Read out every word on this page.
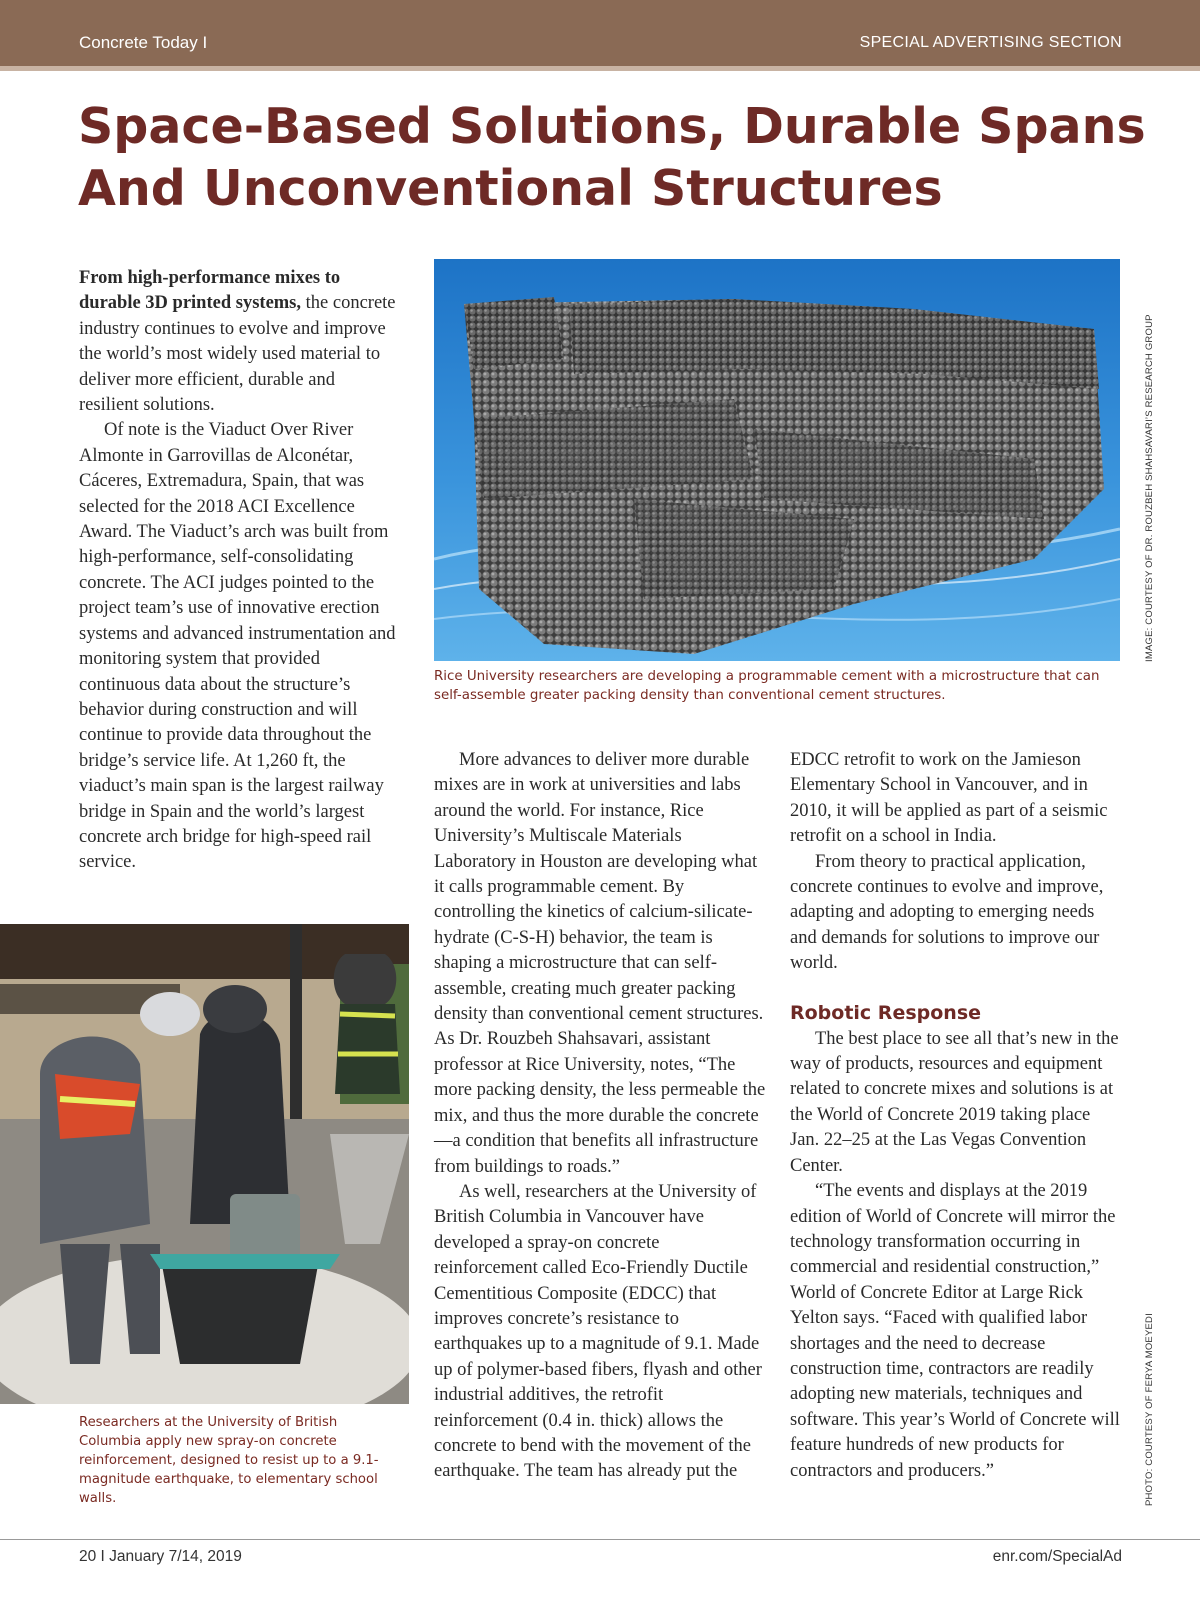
Concrete Today I	SPECIAL ADVERTISING SECTION
Space-Based Solutions, Durable Spans
And Unconventional Structures

From high-performance mixes to durable 3D printed systems, the concrete industry continues to evolve and improve the world’s most widely used material to deliver more efficient, durable and resilient solutions.

Of note is the Viaduct Over River Almonte in Garrovillas de Alconétar, Cáceres, Extremadura, Spain, that was selected for the 2018 ACI Excellence Award. The Viaduct’s arch was built from high-performance, self-consolidating concrete. The ACI judges pointed to the project team’s use of innovative erection systems and advanced instrumentation and monitoring system that provided continuous data about the structure’s behavior during construction and will continue to provide data throughout the bridge’s service life. At 1,260 ft, the viaduct’s main span is the largest railway bridge in Spain and the world’s largest concrete arch bridge for high-speed rail service.

IMAGE: COURTESY OF DR. ROUZBEH SHAHSAVARI’S RESEARCH GROUP
Rice University researchers are developing a programmable cement with a microstructure that can self-assemble greater packing density than conventional cement structures.

More advances to deliver more durable mixes are in work at universities and labs around the world. For instance, Rice University’s Multiscale Materials Laboratory in Houston are developing what it calls programmable cement. By controlling the kinetics of calcium-silicate-hydrate (C-S-H) behavior, the team is shaping a microstructure that can self-assemble, creating much greater packing density than conventional cement structures. As Dr. Rouzbeh Shahsavari, assistant professor at Rice University, notes, “The more packing density, the less permeable the mix, and thus the more durable the concrete—a condition that benefits all infrastructure from buildings to roads.”

As well, researchers at the University of British Columbia in Vancouver have developed a spray-on concrete reinforcement called Eco-Friendly Ductile Cementitious Composite (EDCC) that improves concrete’s resistance to earthquakes up to a magnitude of 9.1. Made up of polymer-based fibers, flyash and other industrial additives, the retrofit reinforcement (0.4 in. thick) allows the concrete to bend with the movement of the earthquake. The team has already put the

EDCC retrofit to work on the Jamieson Elementary School in Vancouver, and in 2010, it will be applied as part of a seismic retrofit on a school in India.

From theory to practical application, concrete continues to evolve and improve, adapting and adopting to emerging needs and demands for solutions to improve our world.

Robotic Response

The best place to see all that’s new in the way of products, resources and equipment related to concrete mixes and solutions is at the World of Concrete 2019 taking place Jan. 22–25 at the Las Vegas Convention Center.

“The events and displays at the 2019 edition of World of Concrete will mirror the technology transformation occurring in commercial and residential construction,” World of Concrete Editor at Large Rick Yelton says. “Faced with qualified labor shortages and the need to decrease construction time, contractors are readily adopting new materials, techniques and software. This year’s World of Concrete will feature hundreds of new products for contractors and producers.”	PHOTO: COURTESY OF FERYA MOEYEDI
Researchers at the University of British Columbia apply new spray-on concrete reinforcement, designed to resist up to a 9.1-magnitude earthquake, to elementary school walls.
20 I January 7/14, 2019	enr.com/SpecialAd
